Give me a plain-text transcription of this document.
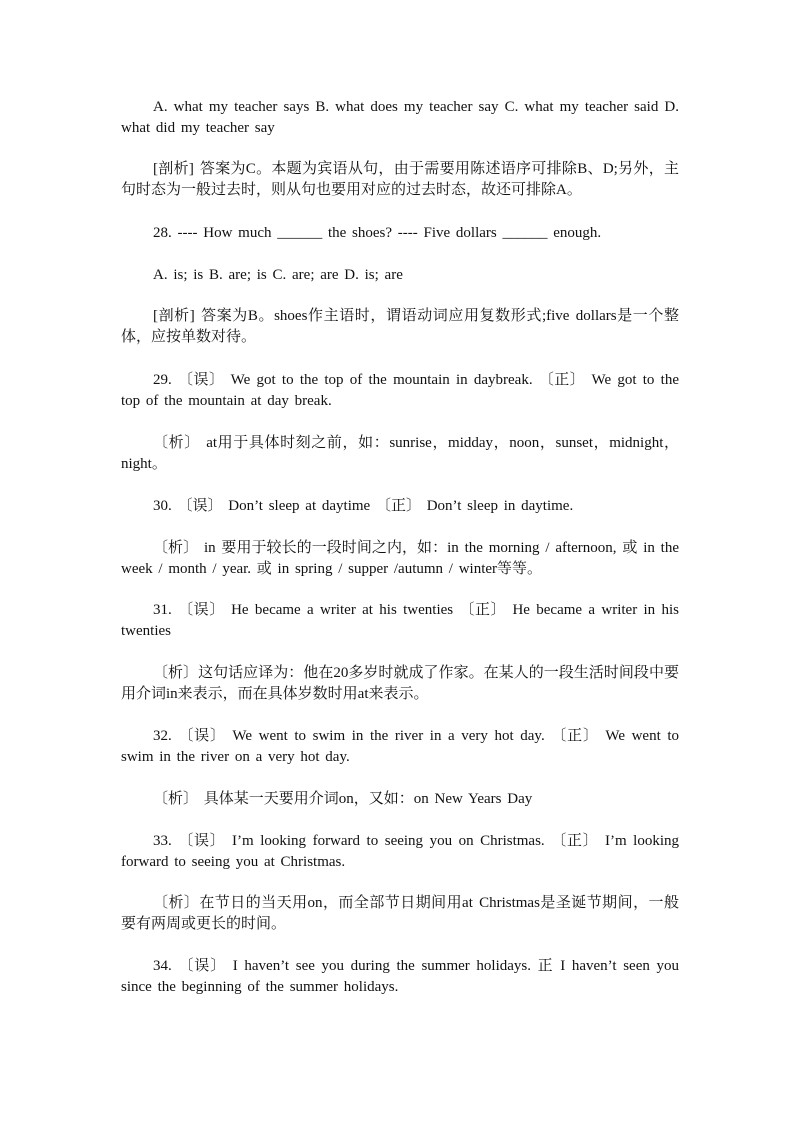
A. what my teacher says B. what does my teacher say C. what my teacher said D. what did my teacher say

[剖析] 答案为C。本题为宾语从句，由于需要用陈述语序可排除B、D;另外，主句时态为一般过去时，则从句也要用对应的过去时态，故还可排除A。

28. ---- How much ______ the shoes? ---- Five dollars ______ enough.

A. is; is B. are; is C. are; are D. is; are

[剖析] 答案为B。shoes作主语时，谓语动词应用复数形式;five dollars是一个整体，应按单数对待。

29. 〔误〕 We got to the top of the mountain in daybreak. 〔正〕 We got to the top of the mountain at day break.

〔析〕 at用于具体时刻之前，如：sunrise，midday，noon，sunset，midnight，night。

30. 〔误〕 Don’t sleep at daytime 〔正〕 Don’t sleep in daytime.

〔析〕 in 要用于较长的一段时间之内，如：in the morning / afternoon, 或 in the week / month / year. 或 in spring / supper /autumn / winter等等。

31. 〔误〕 He became a writer at his twenties 〔正〕 He became a writer in his twenties

〔析〕这句话应译为：他在20多岁时就成了作家。在某人的一段生活时间段中要用介词in来表示，而在具体岁数时用at来表示。

32. 〔误〕 We went to swim in the river in a very hot day. 〔正〕 We went to swim in the river on a very hot day.

〔析〕 具体某一天要用介词on，又如：on New Years Day

33. 〔误〕 I’m looking forward to seeing you on Christmas. 〔正〕 I’m looking forward to seeing you at Christmas.

〔析〕在节日的当天用on，而全部节日期间用at Christmas是圣诞节期间，一般要有两周或更长的时间。

34. 〔误〕 I haven’t see you during the summer holidays. 正 I haven’t seen you since the beginning of the summer holidays.
